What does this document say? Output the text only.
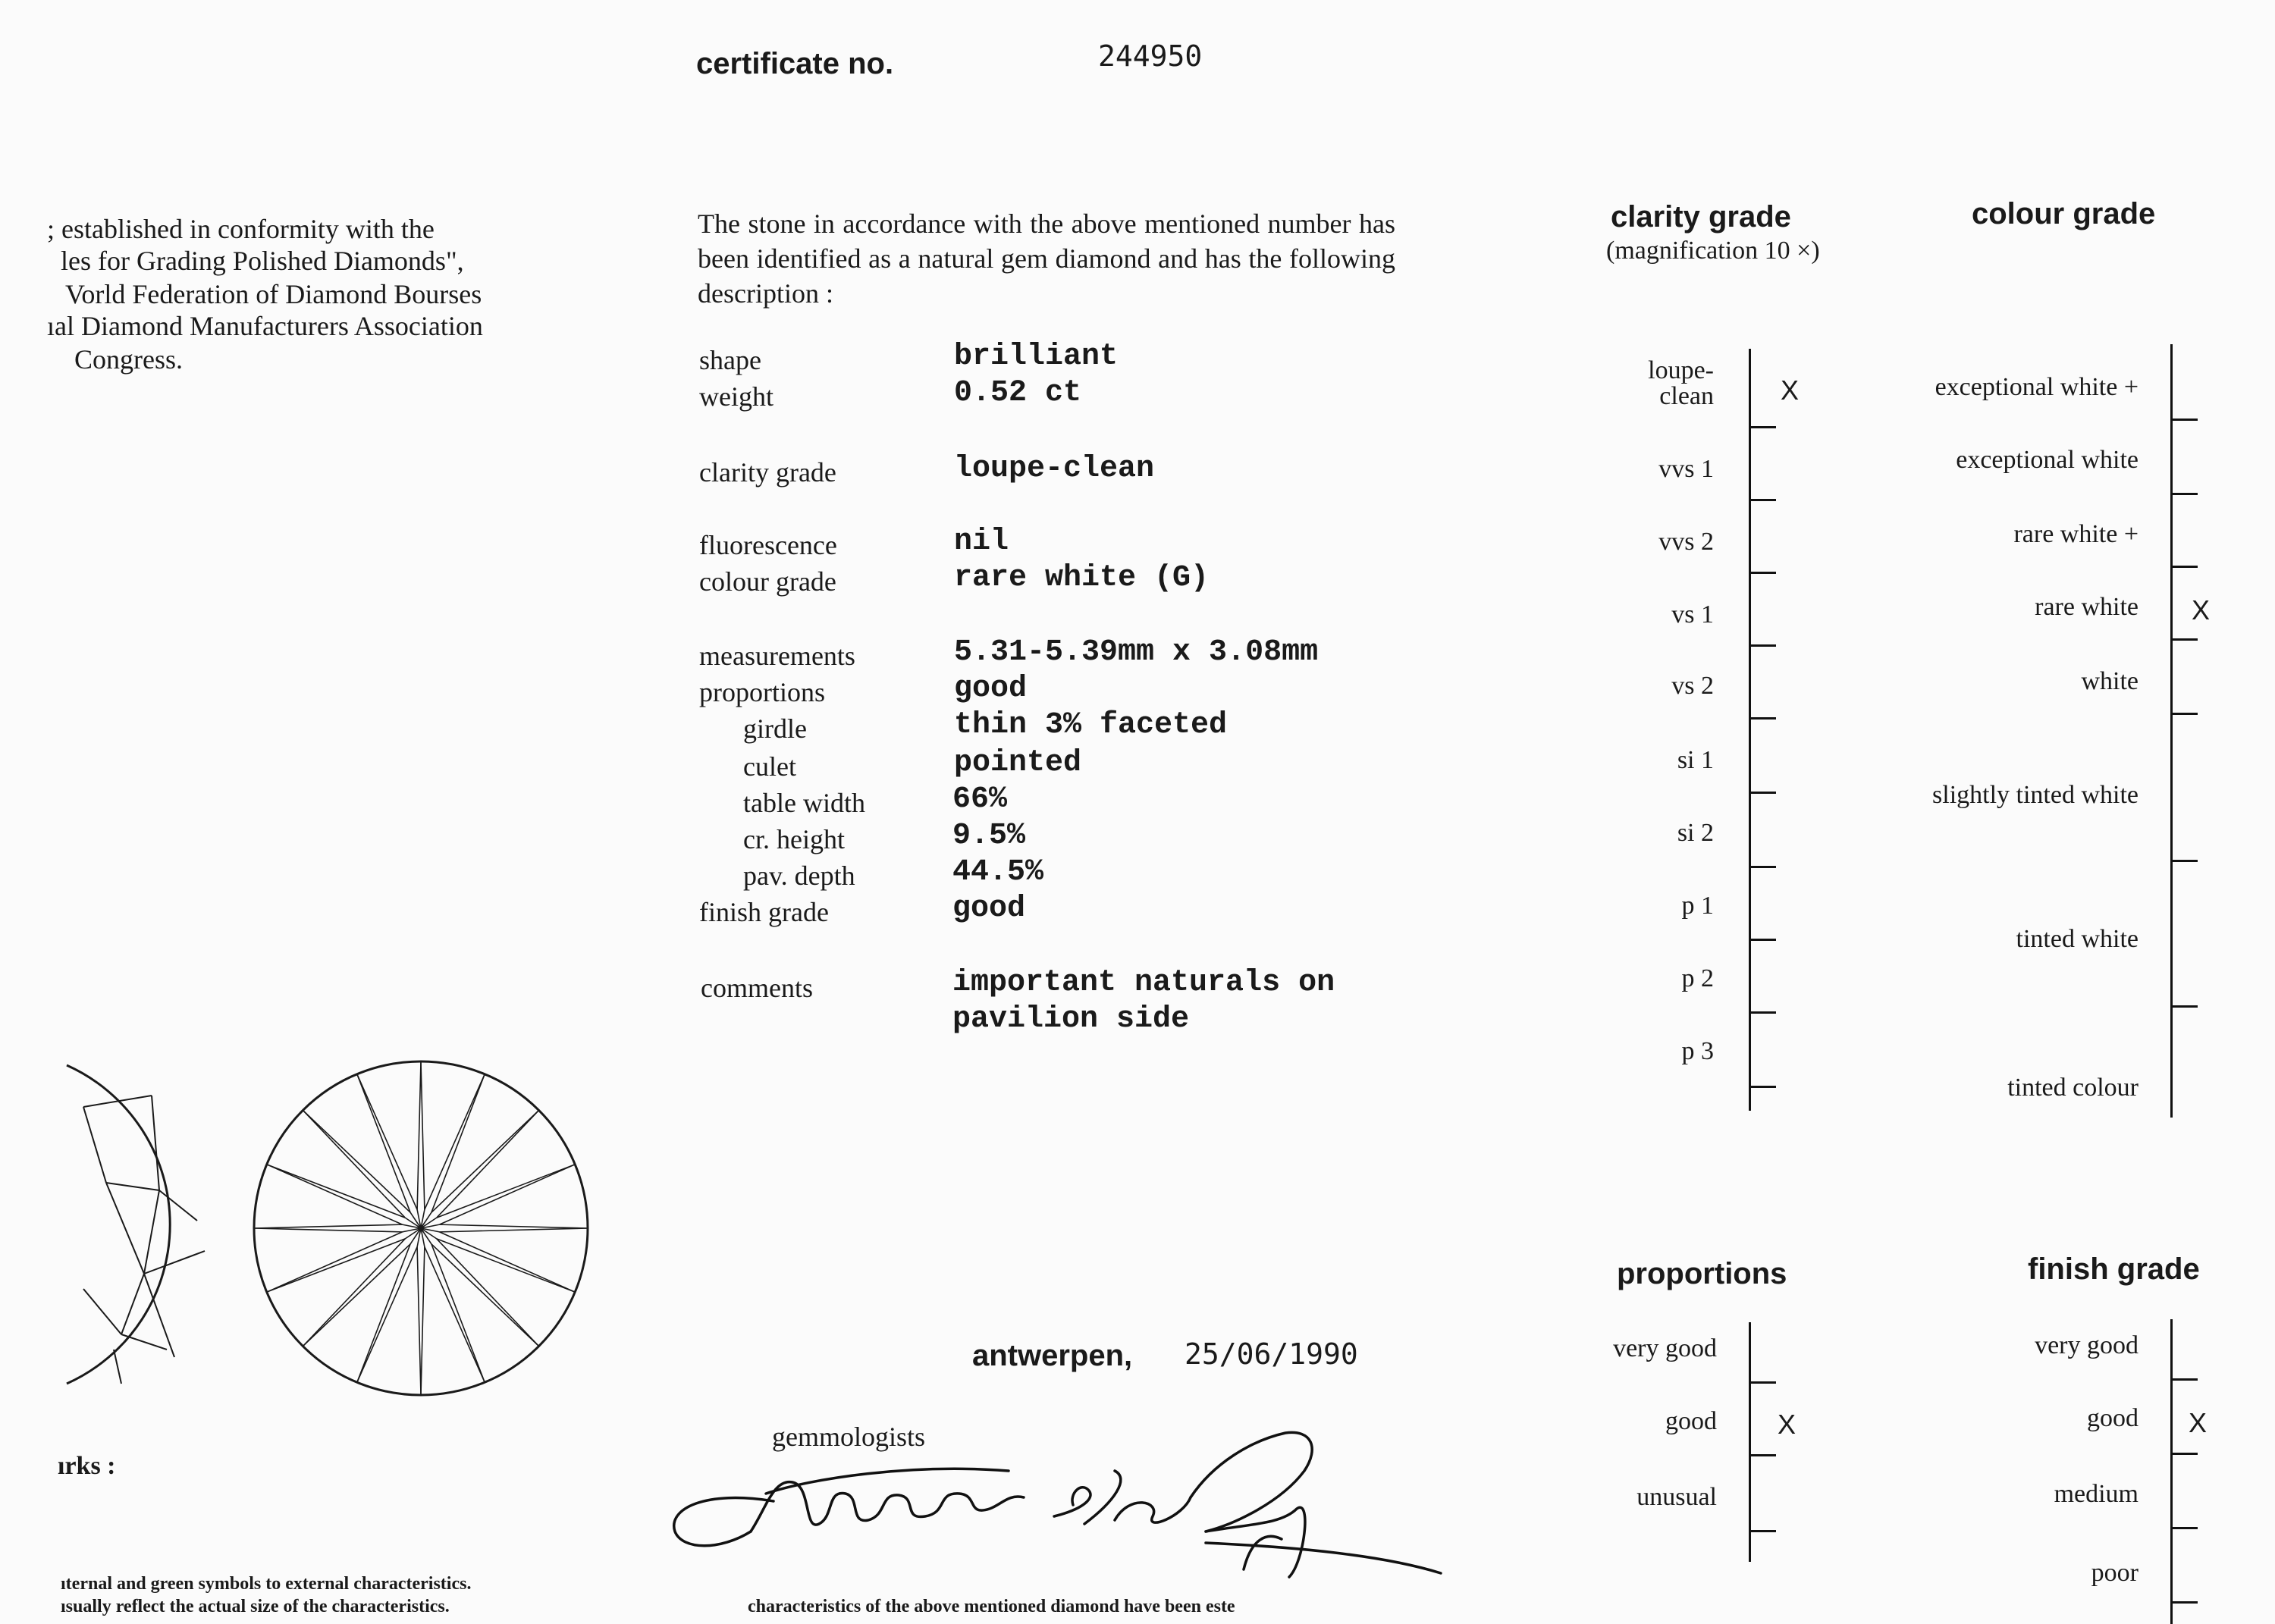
; established in conformity with the
les for Grading Polished Diamonds",
Vorld Federation of Diamond Bourses
ıal Diamond Manufacturers Association
Congress.
ırks :
ıternal and green symbols to external characteristics.
ısually reflect the actual size of the characteristics.
certificate no.	244950
The stone in accordance with the above mentioned number has been identified as a natural gem diamond and has the following description :
shape	brilliant
weight	0.52 ct
clarity grade	loupe-clean
fluorescence	nil
colour grade	rare white (G)
measurements	5.31-5.39mm x 3.08mm
proportions	good
girdle	thin 3% faceted
culet	pointed
table width	66%
cr. height	9.5%
pav. depth	44.5%
finish grade	good
comments	important naturals on
pavilion side
antwerpen, 25/06/1990
gemmologists
characteristics of the above mentioned diamond have been este
clarity grade
(magnification 10 ×)
loupe-
clean X
vvs 1
vvs 2
vs 1
vs 2
si 1
si 2
p 1
p 2
p 3
colour grade
exceptional white +
exceptional white
rare white +
rare white X
white
slightly tinted white
tinted white
tinted colour
proportions
very good
good X
unusual
finish grade
very good
good X
medium
poor
